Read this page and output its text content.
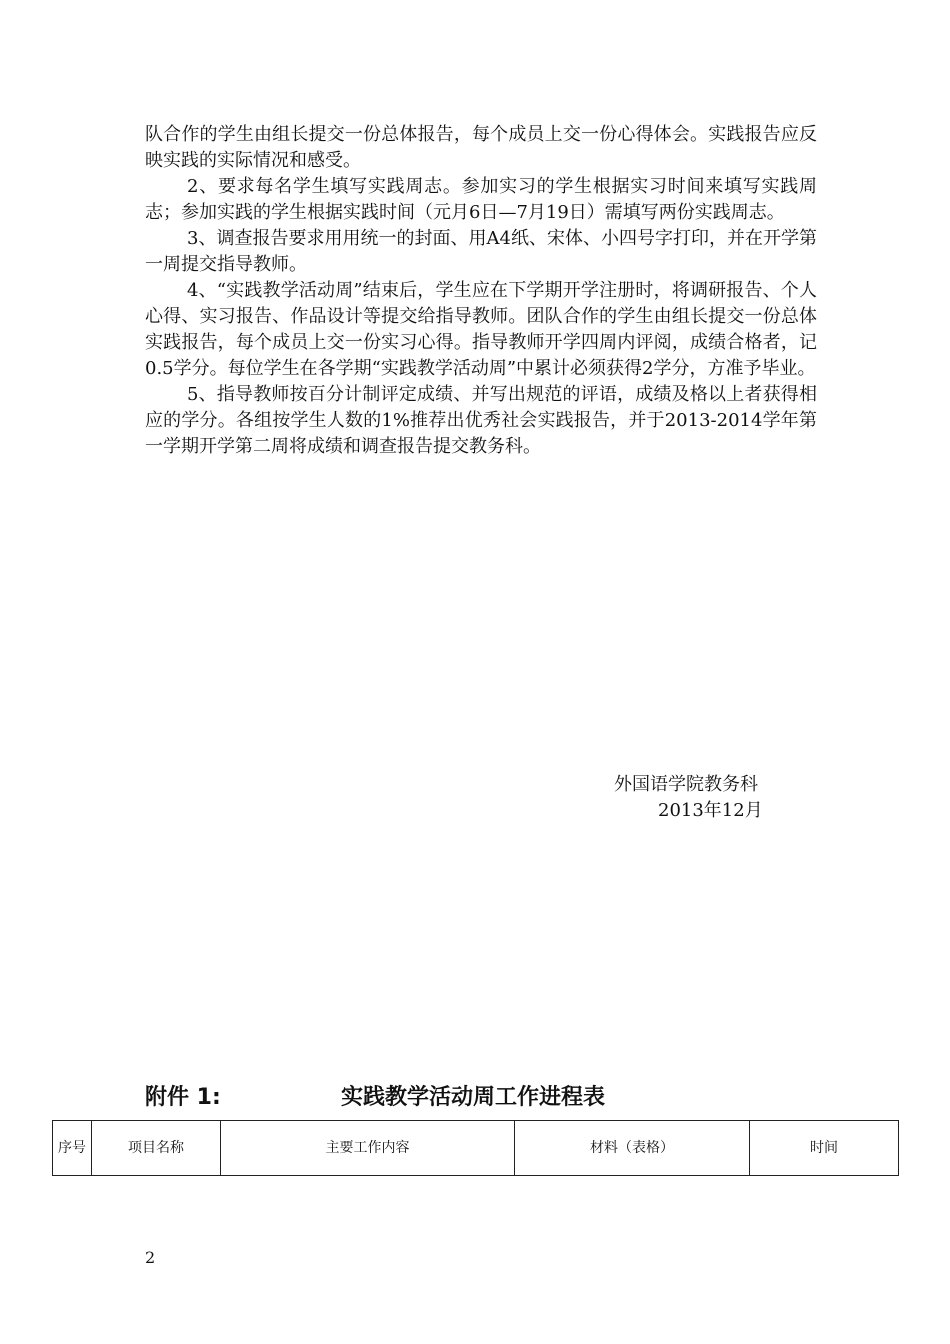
队合作的学生由组长提交一份总体报告，每个成员上交一份心得体会。实践报告应反映实践的实际情况和感受。

2、要求每名学生填写实践周志。参加实习的学生根据实习时间来填写实践周志；参加实践的学生根据实践时间（元月6日—7月19日）需填写两份实践周志。

3、调查报告要求用用统一的封面、用A4纸、宋体、小四号字打印，并在开学第一周提交指导教师。

4、“实践教学活动周”结束后，学生应在下学期开学注册时，将调研报告、个人心得、实习报告、作品设计等提交给指导教师。团队合作的学生由组长提交一份总体实践报告，每个成员上交一份实习心得。指导教师开学四周内评阅，成绩合格者，记0.5学分。每位学生在各学期“实践教学活动周”中累计必须获得2学分，方准予毕业。

5、指导教师按百分计制评定成绩、并写出规范的评语，成绩及格以上者获得相应的学分。各组按学生人数的1%推荐出优秀社会实践报告，并于2013-2014学年第一学期开学第二周将成绩和调查报告提交教务科。

外国语学院教务科
2013年12月
附件 1:	实践教学活动周工作进程表
序号	项目名称	主要工作内容	材料（表格）	时间
2
